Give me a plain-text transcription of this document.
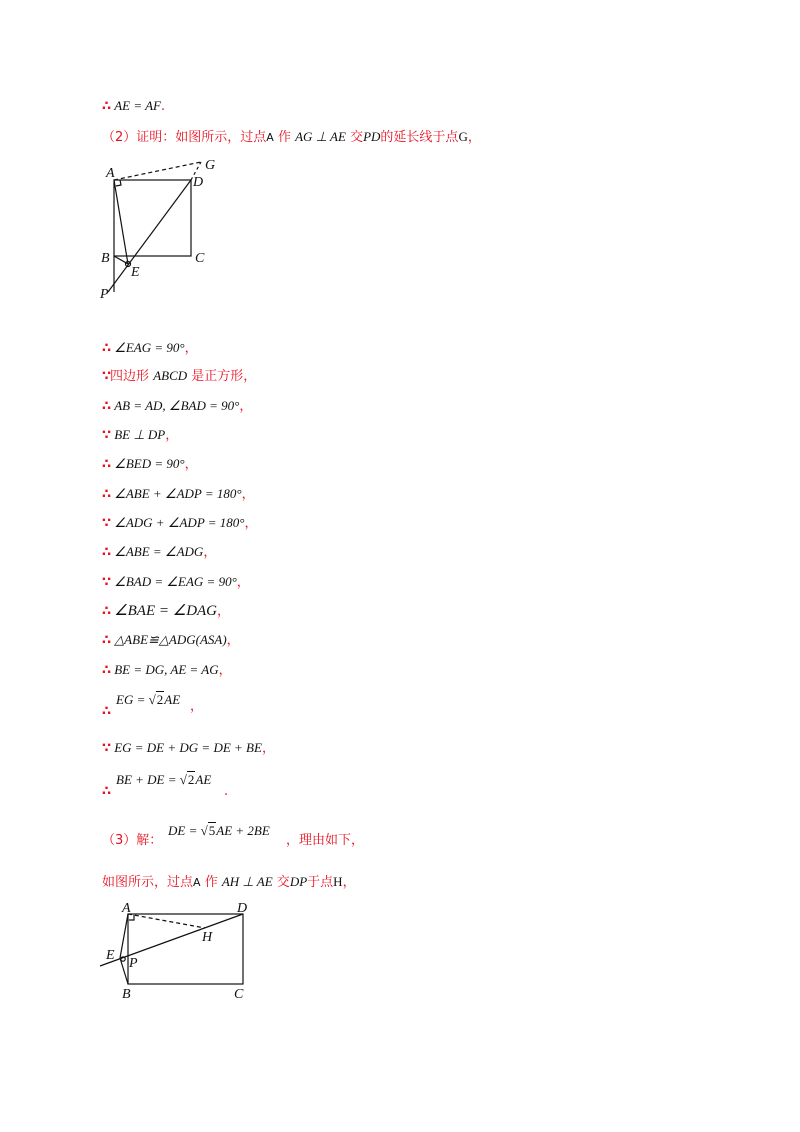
∴ AE = AF.
（2）证明：如图所示，过点A 作 AG ⊥ AE 交PD的延长线于点G，
A
G
D
B
E
C
P
∴ ∠EAG = 90°，
∵四边形 ABCD 是正方形，
∴ AB = AD, ∠BAD = 90°，
∵ BE ⊥ DP，
∴ ∠BED = 90°，
∴ ∠ABE + ∠ADP = 180°，
∵ ∠ADG + ∠ADP = 180°，
∴ ∠ABE = ∠ADG，
∵ ∠BAD = ∠EAG = 90°，
∴ ∠BAE = ∠DAG，
∴ △ABE≌△ADG(ASA)，
∴ BE = DG, AE = AG，
∴
EG = √2AE ，
∵ EG = DE + DG = DE + BE，
∴
BE + DE = √2AE
.
（3）解：
DE = √5AE + 2BE
，理由如下，
如图所示，过点A 作 AH ⊥ AE 交DP于点H，
A	D
H
E
P
B	C
